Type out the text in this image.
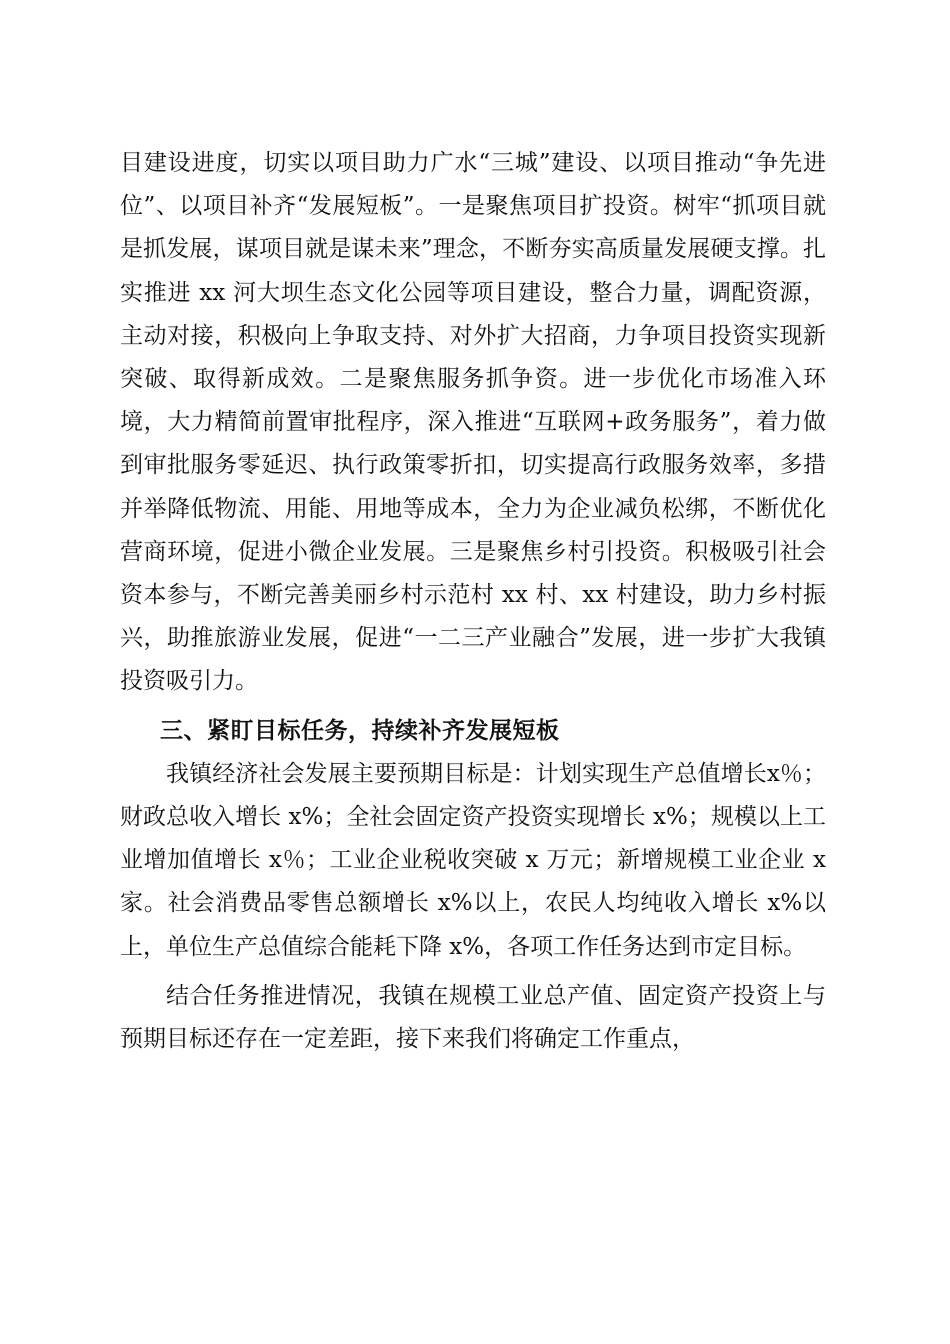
目建设进度，切实以项目助力广水“三城”建设、以项目推动“争先进位”、以项目补齐“发展短板”。一是聚焦项目扩投资。树牢“抓项目就是抓发展，谋项目就是谋未来”理念，不断夯实高质量发展硬支撑。扎实推进 xx 河大坝生态文化公园等项目建设，整合力量，调配资源，主动对接，积极向上争取支持、对外扩大招商，力争项目投资实现新突破、取得新成效。二是聚焦服务抓争资。进一步优化市场准入环境，大力精简前置审批程序，深入推进“互联网+政务服务”，着力做到审批服务零延迟、执行政策零折扣，切实提高行政服务效率，多措并举降低物流、用能、用地等成本，全力为企业减负松绑，不断优化营商环境，促进小微企业发展。三是聚焦乡村引投资。积极吸引社会资本参与，不断完善美丽乡村示范村 xx 村、xx 村建设，助力乡村振兴，助推旅游业发展，促进“一二三产业融合”发展，进一步扩大我镇投资吸引力。

三、紧盯目标任务，持续补齐发展短板

我镇经济社会发展主要预期目标是：计划实现生产总值增长x％；财政总收入增长 x%；全社会固定资产投资实现增长 x%；规模以上工业增加值增长 x％；工业企业税收突破 x 万元；新增规模工业企业 x 家。社会消费品零售总额增长 x%以上，农民人均纯收入增长 x%以上，单位生产总值综合能耗下降 x%，各项工作任务达到市定目标。

结合任务推进情况，我镇在规模工业总产值、固定资产投资上与预期目标还存在一定差距，接下来我们将确定工作重点，
